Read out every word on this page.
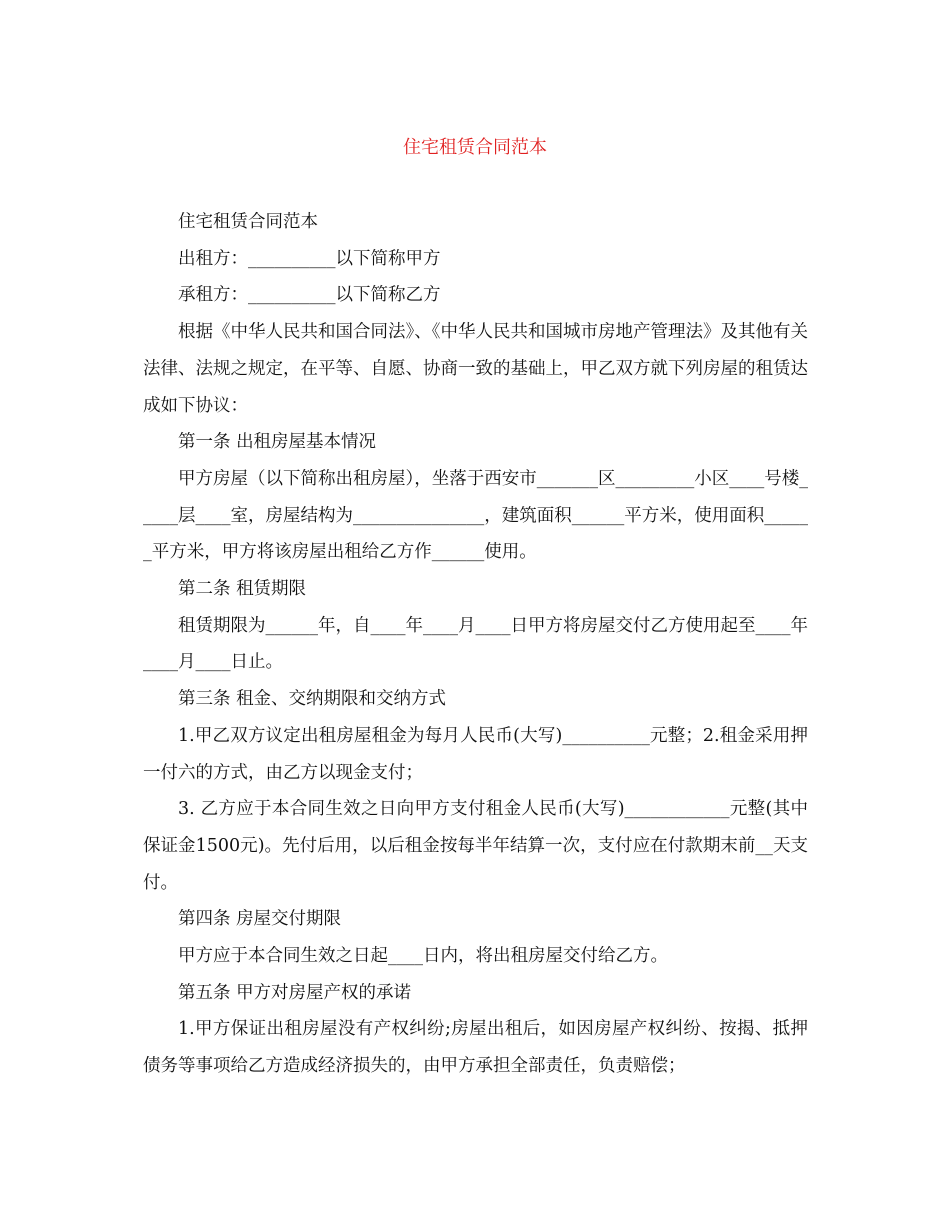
住宅租赁合同范本

住宅租赁合同范本

出租方：__________以下简称甲方

承租方：__________以下简称乙方

根据《中华人民共和国合同法》、《中华人民共和国城市房地产管理法》及其他有关法律、法规之规定，在平等、自愿、协商一致的基础上，甲乙双方就下列房屋的租赁达成如下协议：

第一条 出租房屋基本情况

甲方房屋（以下简称出租房屋），坐落于西安市_______区_________小区____号楼_____层____室，房屋结构为_______________，建筑面积______平方米，使用面积______平方米，甲方将该房屋出租给乙方作______使用。

第二条 租赁期限

租赁期限为______年，自____年____月____日甲方将房屋交付乙方使用起至____年____月____日止。

第三条 租金、交纳期限和交纳方式

1.甲乙双方议定出租房屋租金为每月人民币(大写)__________元整；2.租金采用押一付六的方式，由乙方以现金支付；

3. 乙方应于本合同生效之日向甲方支付租金人民币(大写)____________元整(其中保证金1500元)。先付后用，以后租金按每半年结算一次，支付应在付款期末前__天支付。

第四条 房屋交付期限

甲方应于本合同生效之日起____日内，将出租房屋交付给乙方。

第五条 甲方对房屋产权的承诺

1.甲方保证出租房屋没有产权纠纷;房屋出租后，如因房屋产权纠纷、按揭、抵押债务等事项给乙方造成经济损失的，由甲方承担全部责任，负责赔偿；
